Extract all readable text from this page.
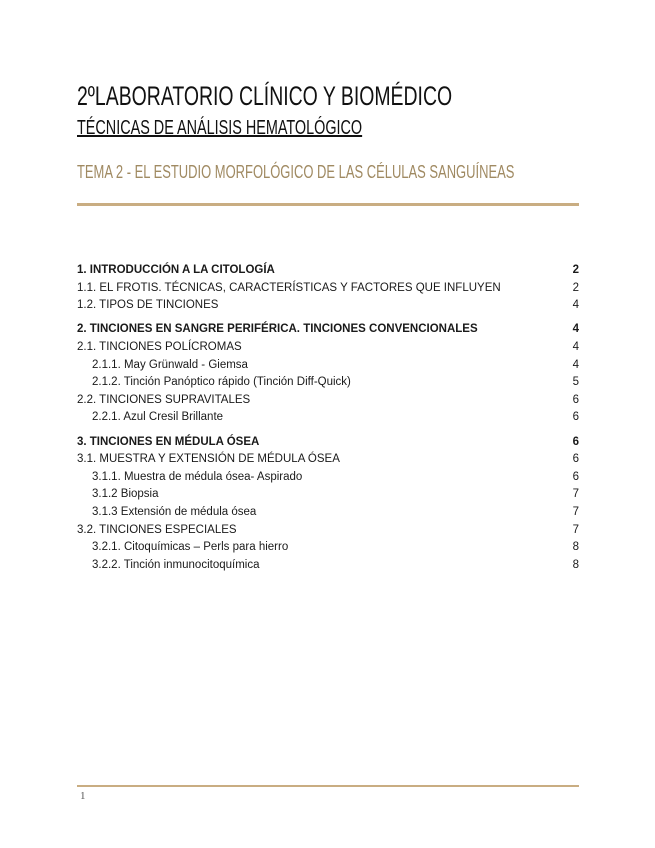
2ºLABORATORIO CLÍNICO Y BIOMÉDICO
TÉCNICAS DE ANÁLISIS HEMATOLÓGICO
TEMA 2 - EL ESTUDIO MORFOLÓGICO DE LAS CÉLULAS SANGUÍNEAS
1. INTRODUCCIÓN A LA CITOLOGÍA	2
1.1. EL FROTIS. TÉCNICAS, CARACTERÍSTICAS Y FACTORES QUE INFLUYEN	2
1.2. TIPOS DE TINCIONES	4
2. TINCIONES EN SANGRE PERIFÉRICA. TINCIONES CONVENCIONALES	4
2.1. TINCIONES POLÍCROMAS	4
2.1.1. May Grünwald - Giemsa	4
2.1.2. Tinción Panóptico rápido (Tinción Diff-Quick)	5
2.2. TINCIONES SUPRAVITALES	6
2.2.1. Azul Cresil Brillante	6
3. TINCIONES EN MÉDULA ÓSEA	6
3.1. MUESTRA Y EXTENSIÓN DE MÉDULA ÓSEA	6
3.1.1. Muestra de médula ósea- Aspirado	6
3.1.2 Biopsia	7
3.1.3 Extensión de médula ósea	7
3.2. TINCIONES ESPECIALES	7
3.2.1. Citoquímicas – Perls para hierro	8
3.2.2. Tinción inmunocitoquímica	8
1
